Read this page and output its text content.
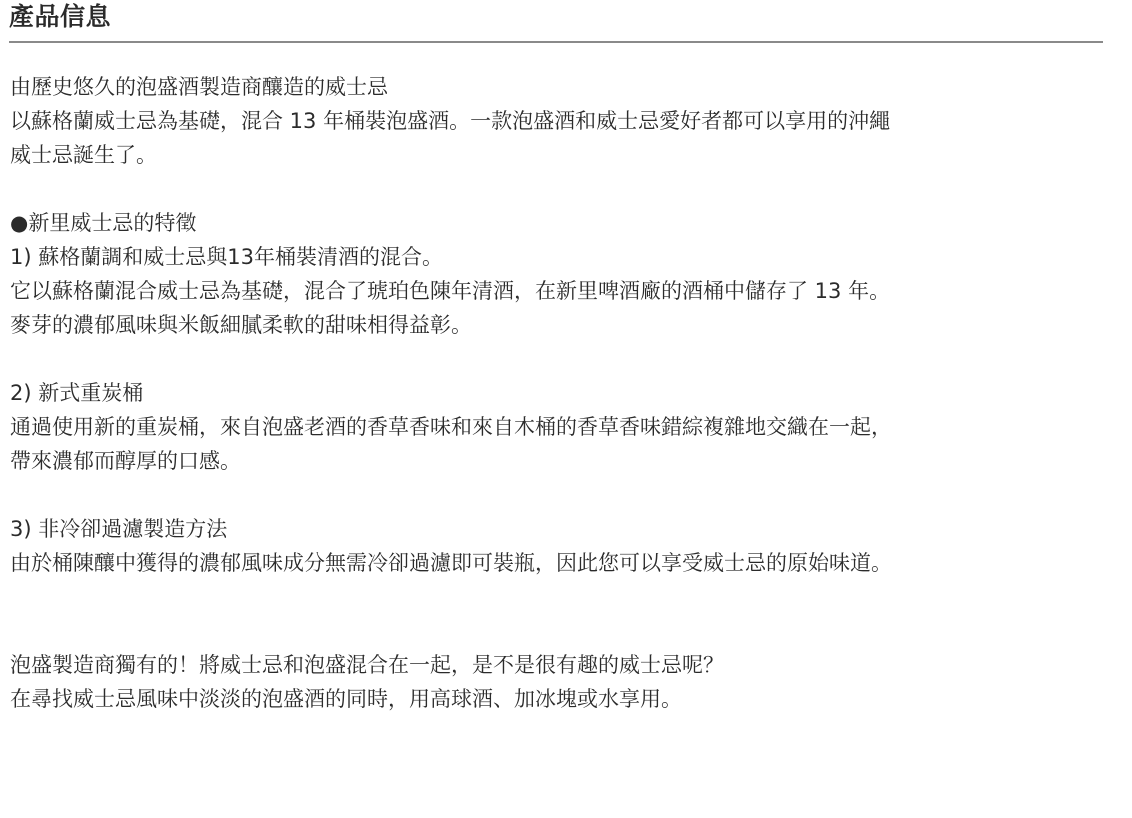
產品信息
由歷史悠久的泡盛酒製造商釀造的威士忌
以蘇格蘭威士忌為基礎，混合 13 年桶裝泡盛酒。一款泡盛酒和威士忌愛好者都可以享用的沖繩
威士忌誕生了。
●新里威士忌的特徵
1) 蘇格蘭調和威士忌與13年桶裝清酒的混合。
它以蘇格蘭混合威士忌為基礎，混合了琥珀色陳年清酒，在新里啤酒廠的酒桶中儲存了 13 年。
麥芽的濃郁風味與米飯細膩柔軟的甜味相得益彰。
2) 新式重炭桶
通過使用新的重炭桶，來自泡盛老酒的香草香味和來自木桶的香草香味錯綜複雜地交織在一起，
帶來濃郁而醇厚的口感。
3) 非冷卻過濾製造方法
由於桶陳釀中獲得的濃郁風味成分無需冷卻過濾即可裝瓶，因此您可以享受威士忌的原始味道。
泡盛製造商獨有的！將威士忌和泡盛混合在一起，是不是很有趣的威士忌呢？
在尋找威士忌風味中淡淡的泡盛酒的同時，用高球酒、加冰塊或水享用。
